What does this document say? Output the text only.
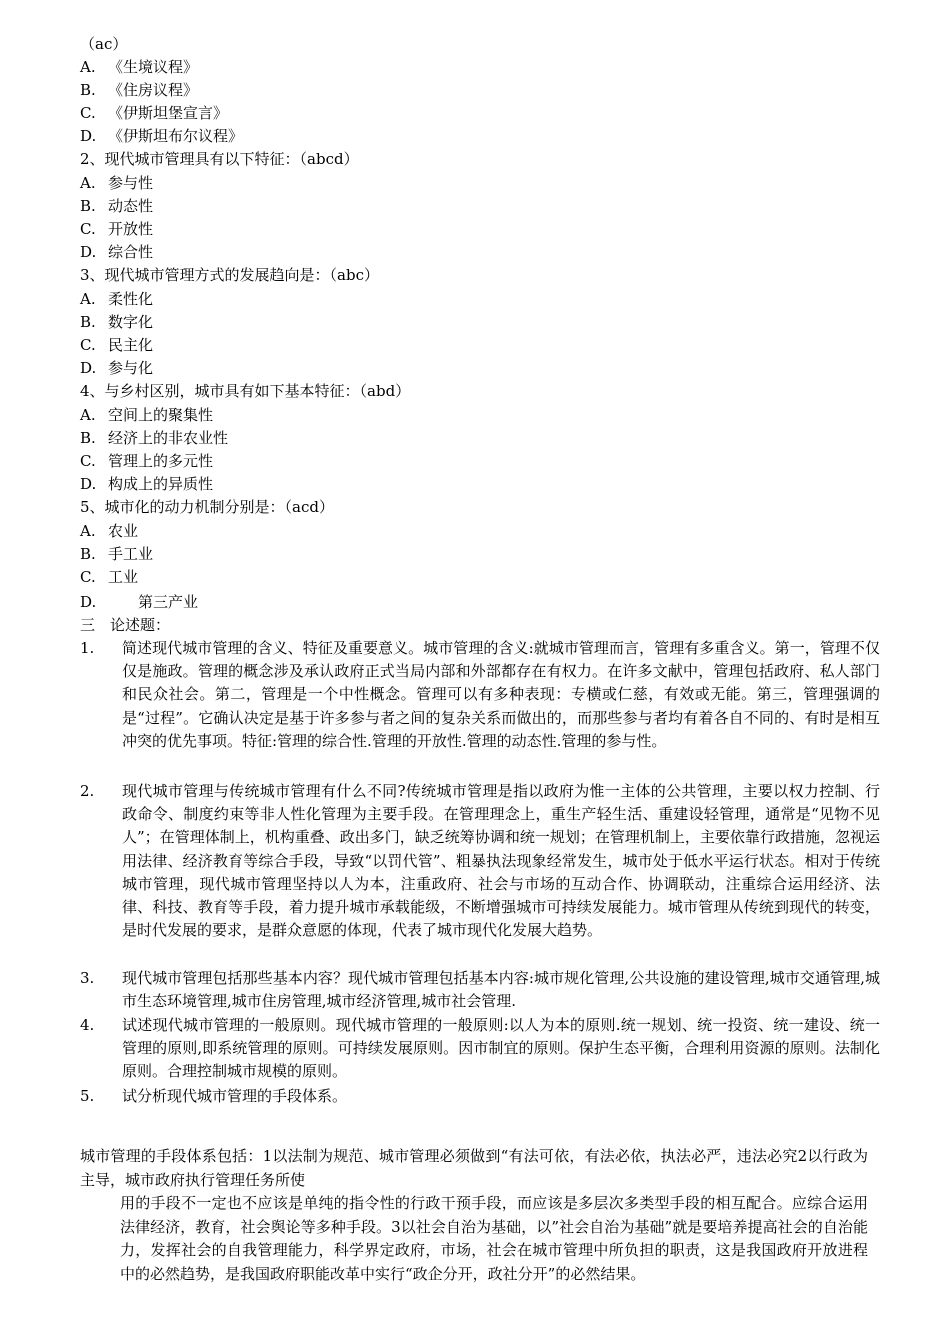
（ac）
A. 《生境议程》
B. 《住房议程》
C. 《伊斯坦堡宣言》
D. 《伊斯坦布尔议程》
2、现代城市管理具有以下特征：（abcd）
A. 参与性
B. 动态性
C. 开放性
D. 综合性
3、现代城市管理方式的发展趋向是：（abc）
A. 柔性化
B. 数字化
C. 民主化
D. 参与化
4、与乡村区别，城市具有如下基本特征：（abd）
A. 空间上的聚集性
B. 经济上的非农业性
C. 管理上的多元性
D. 构成上的异质性
5、城市化的动力机制分别是：（acd）
A. 农业
B. 手工业
C. 工业
D.	第三产业
三　论述题：
1.	简述现代城市管理的含义、特征及重要意义。城市管理的含义:就城市管理而言，管理有多重含义。第一，管理不仅仅是施政。管理的概念涉及承认政府正式当局内部和外部都存在有权力。在许多文献中，管理包括政府、私人部门和民众社会。第二，管理是一个中性概念。管理可以有多种表现：专横或仁慈，有效或无能。第三，管理强调的是“过程”。它确认决定是基于许多参与者之间的复杂关系而做出的，而那些参与者均有着各自不同的、有时是相互冲突的优先事项。特征:管理的综合性.管理的开放性.管理的动态性.管理的参与性。
2.	现代城市管理与传统城市管理有什么不同?传统城市管理是指以政府为惟一主体的公共管理，主要以权力控制、行政命令、制度约束等非人性化管理为主要手段。在管理理念上，重生产轻生活、重建设轻管理，通常是“见物不见人”；在管理体制上，机构重叠、政出多门，缺乏统筹协调和统一规划；在管理机制上，主要依靠行政措施，忽视运用法律、经济教育等综合手段，导致“以罚代管”、粗暴执法现象经常发生，城市处于低水平运行状态。相对于传统城市管理，现代城市管理坚持以人为本，注重政府、社会与市场的互动合作、协调联动，注重综合运用经济、法律、科技、教育等手段，着力提升城市承载能级，不断增强城市可持续发展能力。城市管理从传统到现代的转变，是时代发展的要求，是群众意愿的体现，代表了城市现代化发展大趋势。
3.	现代城市管理包括那些基本内容？现代城市管理包括基本内容:城市规化管理,公共设施的建设管理,城市交通管理,城市生态环境管理,城市住房管理,城市经济管理,城市社会管理.
4.	试述现代城市管理的一般原则。现代城市管理的一般原则:以人为本的原则.统一规划、统一投资、统一建设、统一管理的原则,即系统管理的原则。可持续发展原则。因市制宜的原则。保护生态平衡，合理利用资源的原则。法制化原则。合理控制城市规模的原则。
5.	试分析现代城市管理的手段体系。
城市管理的手段体系包括：1以法制为规范、城市管理必须做到“有法可依，有法必依，执法必严，违法必究2以行政为主导，城市政府执行管理任务所使
用的手段不一定也不应该是单纯的指令性的行政干预手段，而应该是多层次多类型手段的相互配合。应综合运用法律经济，教育，社会舆论等多种手段。3以社会自治为基础，以”社会自治为基础”就是要培养提高社会的自治能力，发挥社会的自我管理能力，科学界定政府，市场，社会在城市管理中所负担的职责，这是我国政府开放进程中的必然趋势，是我国政府职能改革中实行“政企分开，政社分开”的必然结果。
